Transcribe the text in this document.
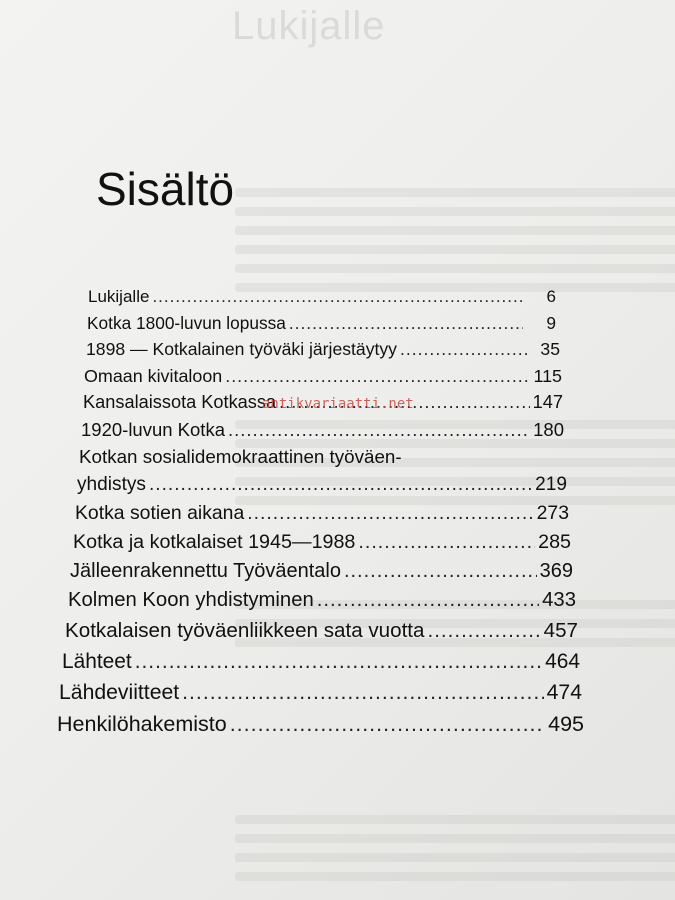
Lukijalle
Sisältö
Lukijalle .....	6
Kotka 1800-luvun lopussa .....	9
1898 — Kotkalainen työväki järjestäytyy .....	35
Omaan kivitaloon .....	115
Kansalaissota Kotkassa .....	147
1920-luvun Kotka .....	180
Kotkan sosialidemokraattinen työväen-
yhdistys .....	219
Kotka sotien aikana .....	273
Kotka ja kotkalaiset 1945—1988 .....	285
Jälleenrakennettu Työväentalo .....	369
Kolmen Koon yhdistyminen .....	433
Kotkalaisen työväenliikkeen sata vuotta .....	457
Lähteet .....	464
Lähdeviitteet .....	474
Henkilöhakemisto .....	495
antikvariaatti.net
